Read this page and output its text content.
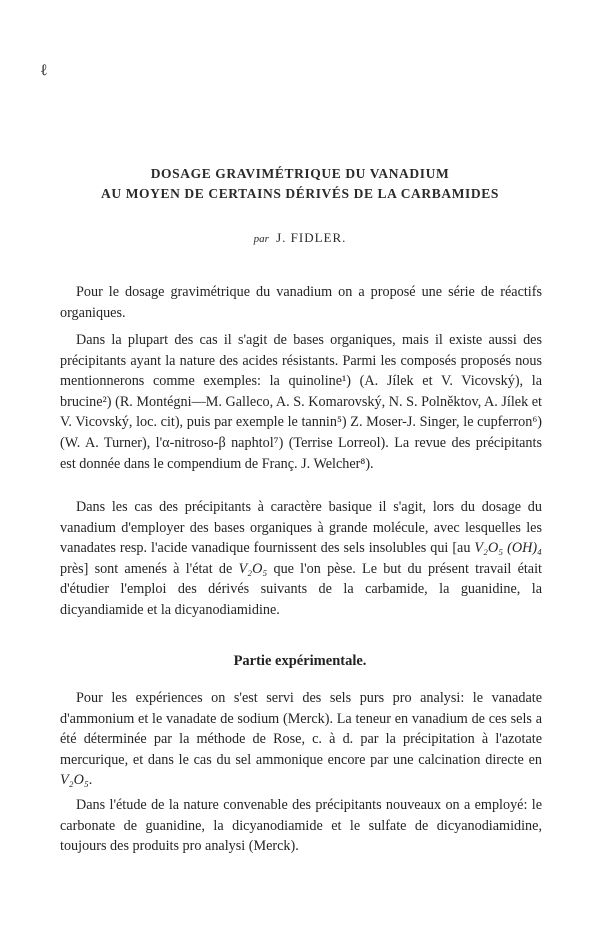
ℓ
DOSAGE GRAVIMÉTRIQUE DU VANADIUM
AU MOYEN DE CERTAINS DÉRIVÉS DE LA CARBAMIDES
par J. FIDLER.

Pour le dosage gravimétrique du vanadium on a proposé une série de réactifs organiques.

Dans la plupart des cas il s'agit de bases organiques, mais il existe aussi des précipitants ayant la nature des acides résistants. Parmi les composés proposés nous mentionnerons comme exemples: la quinoline¹) (A. Jílek et V. Vicovský), la brucine²) (R. Montégni—M. Galleco, A. S. Komarovský, N. S. Polněktov, A. Jílek et V. Vicovský, loc. cit), puis par exemple le tannin⁵) Z. Moser-J. Singer, le cupferron⁶) (W. A. Turner), l'α-nitroso-β naphtol⁷) (Terrise Lorreol). La revue des précipitants est donnée dans le compendium de Franç. J. Welcher⁸).

Dans les cas des précipitants à caractère basique il s'agit, lors du dosage du vanadium d'employer des bases organiques à grande molécule, avec lesquelles les vanadates resp. l'acide vanadique fournissent des sels insolubles qui [au V₂O₅ (OH)₄ près] sont amenés à l'état de V₂O₅ que l'on pèse. Le but du présent travail était d'étudier l'emploi des dérivés suivants de la carbamide, la guanidine, la dicyandiamide et la dicyanodiamidine.

Partie expérimentale.

Pour les expériences on s'est servi des sels purs pro analysi: le vanadate d'ammonium et le vanadate de sodium (Merck). La teneur en vanadium de ces sels a été déterminée par la méthode de Rose, c. à d. par la précipitation à l'azotate mercurique, et dans le cas du sel ammonique encore par une calcination directe en V₂O₅.

Dans l'étude de la nature convenable des précipitants nouveaux on a employé: le carbonate de guanidine, la dicyanodiamide et le sulfate de dicyanodiamidine, toujours des produits pro analysi (Merck).
